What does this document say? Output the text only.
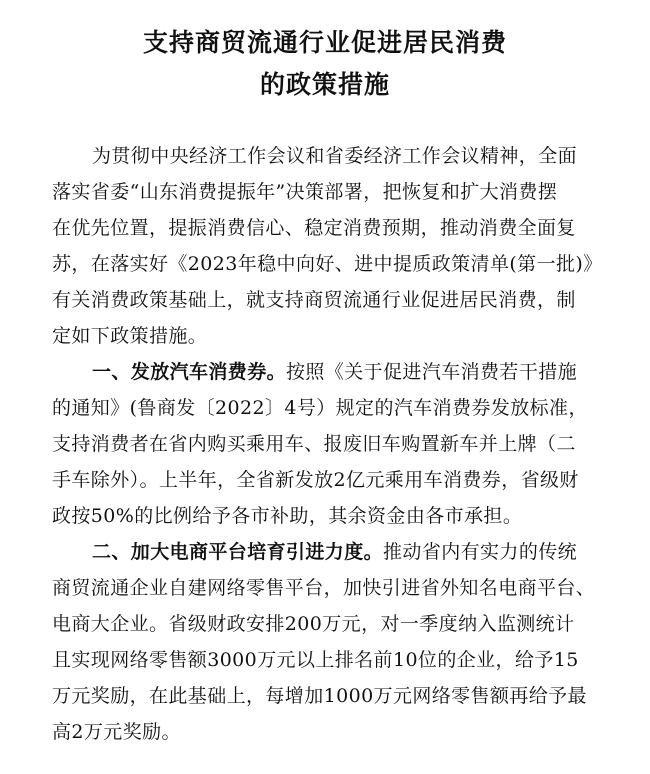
支持商贸流通行业促进居民消费
的政策措施
为贯彻中央经济工作会议和省委经济工作会议精神，全面
落实省委“山东消费提振年”决策部署，把恢复和扩大消费摆
在优先位置，提振消费信心、稳定消费预期，推动消费全面复
苏，在落实好《2023年稳中向好、进中提质政策清单(第一批)》
有关消费政策基础上，就支持商贸流通行业促进居民消费，制
定如下政策措施。
一、发放汽车消费券。按照《关于促进汽车消费若干措施
的通知》(鲁商发〔2022〕4号）规定的汽车消费券发放标准，
支持消费者在省内购买乘用车、报废旧车购置新车并上牌（二
手车除外）。上半年，全省新发放2亿元乘用车消费券，省级财
政按50%的比例给予各市补助，其余资金由各市承担。
二、加大电商平台培育引进力度。推动省内有实力的传统
商贸流通企业自建网络零售平台，加快引进省外知名电商平台、
电商大企业。省级财政安排200万元，对一季度纳入监测统计
且实现网络零售额3000万元以上排名前10位的企业，给予15
万元奖励，在此基础上，每增加1000万元网络零售额再给予最
高2万元奖励。
